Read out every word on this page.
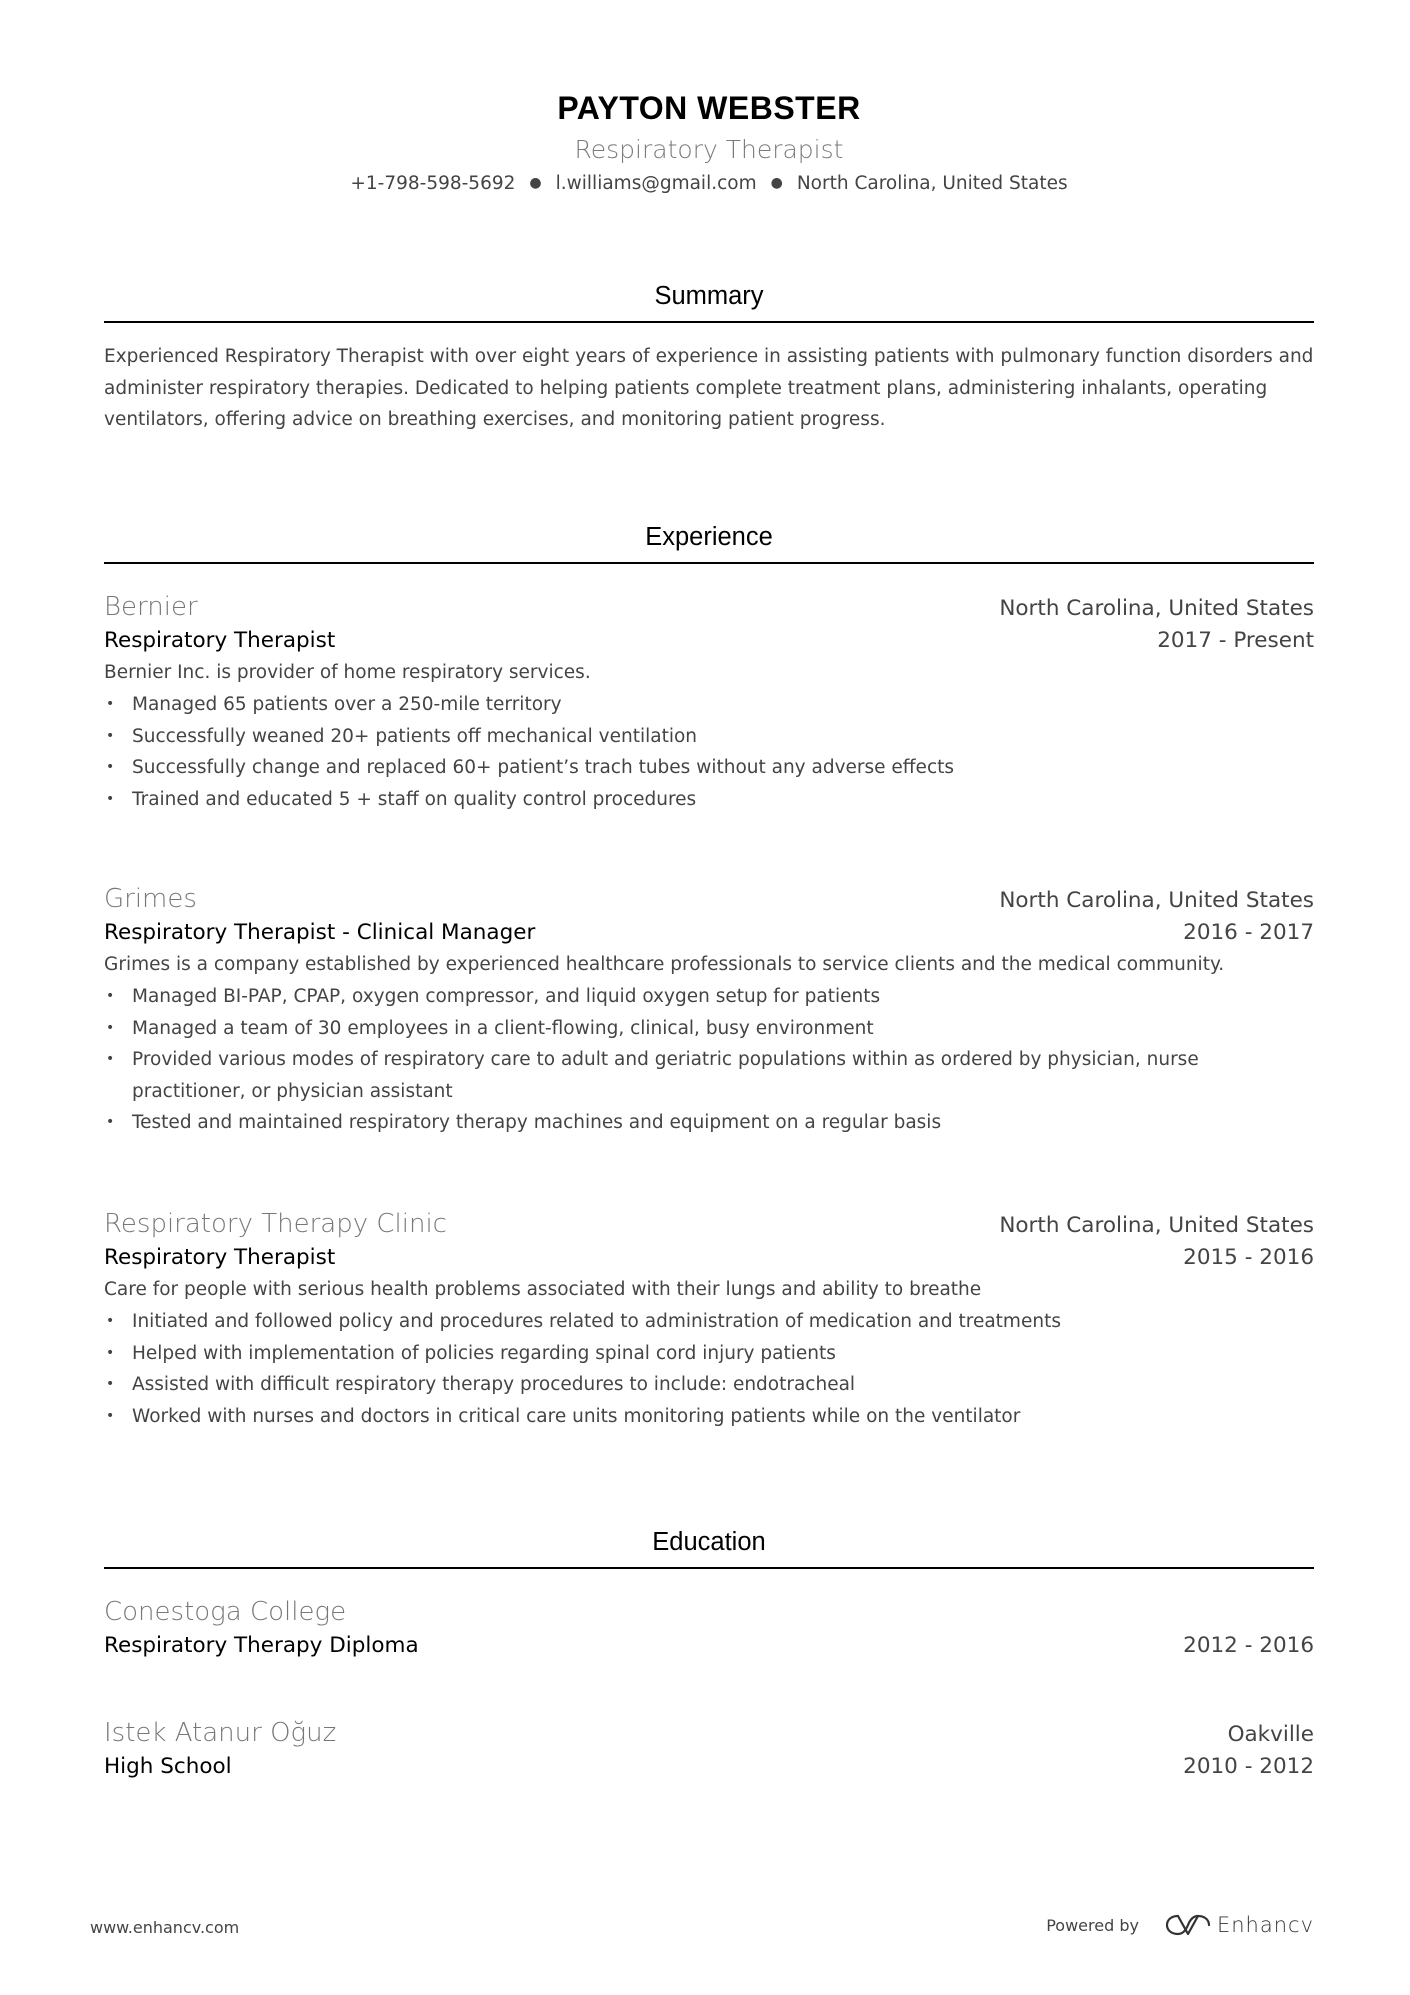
PAYTON WEBSTER
Respiratory Therapist
+1-798-598-5692 ● l.williams@gmail.com ● North Carolina, United States
Summary
Experienced Respiratory Therapist with over eight years of experience in assisting patients with pulmonary function disorders and
administer respiratory therapies. Dedicated to helping patients complete treatment plans, administering inhalants, operating
ventilators, offering advice on breathing exercises, and monitoring patient progress.
Experience
Bernier	North Carolina, United States
Respiratory Therapist	2017 - Present
Bernier Inc. is provider of home respiratory services.
• Managed 65 patients over a 250-mile territory
• Successfully weaned 20+ patients off mechanical ventilation
• Successfully change and replaced 60+ patient’s trach tubes without any adverse effects
• Trained and educated 5 + staff on quality control procedures
Grimes	North Carolina, United States
Respiratory Therapist - Clinical Manager	2016 - 2017
Grimes is a company established by experienced healthcare professionals to service clients and the medical community.
• Managed BI-PAP, CPAP, oxygen compressor, and liquid oxygen setup for patients
• Managed a team of 30 employees in a client-flowing, clinical, busy environment
• Provided various modes of respiratory care to adult and geriatric populations within as ordered by physician, nurse practitioner, or physician assistant
• Tested and maintained respiratory therapy machines and equipment on a regular basis
Respiratory Therapy Clinic	North Carolina, United States
Respiratory Therapist	2015 - 2016
Care for people with serious health problems associated with their lungs and ability to breathe
• Initiated and followed policy and procedures related to administration of medication and treatments
• Helped with implementation of policies regarding spinal cord injury patients
• Assisted with difficult respiratory therapy procedures to include: endotracheal
• Worked with nurses and doctors in critical care units monitoring patients while on the ventilator
Education
Conestoga College
Respiratory Therapy Diploma	2012 - 2016
Istek Atanur Oğuz	Oakville
High School	2010 - 2012
www.enhancv.com	Powered by	Enhancv
